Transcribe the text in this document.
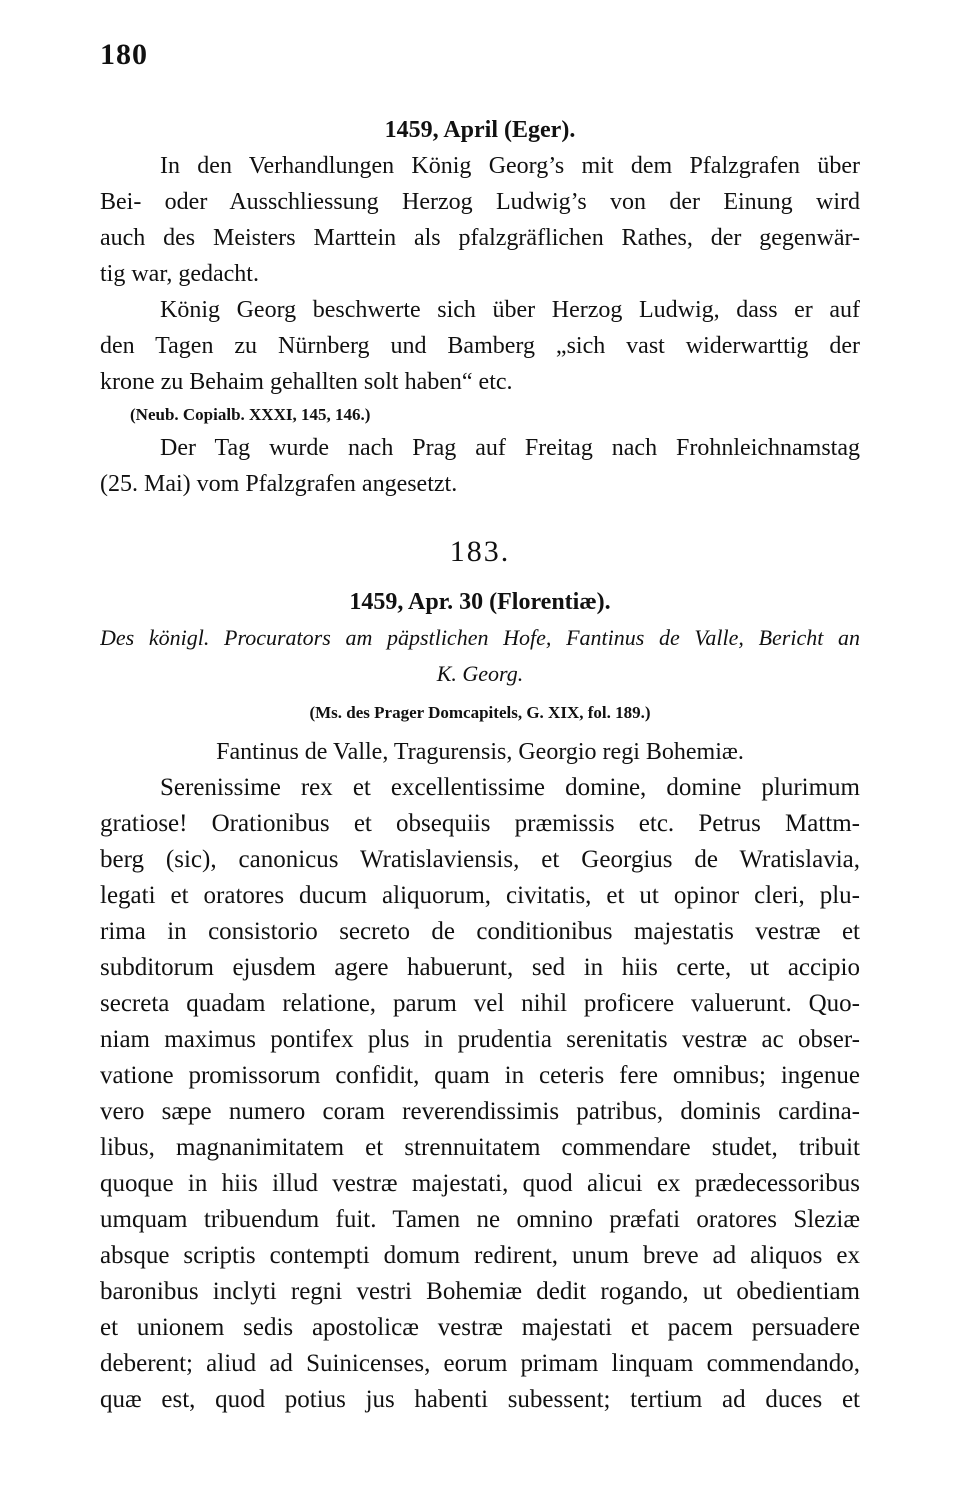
180
1459, April (Eger).
In den Verhandlungen König Georg’s mit dem Pfalzgrafen über
Bei- oder Ausschliessung Herzog Ludwig’s von der Einung wird
auch des Meisters Marttein als pfalzgräflichen Rathes, der gegenwär-
tig war, gedacht.
König Georg beschwerte sich über Herzog Ludwig, dass er auf
den Tagen zu Nürnberg und Bamberg „sich vast widerwarttig der
krone zu Behaim gehallten solt haben“ etc.
(Neub. Copialb. XXXI, 145, 146.)
Der Tag wurde nach Prag auf Freitag nach Frohnleichnamstag
(25. Mai) vom Pfalzgrafen angesetzt.
183.
1459, Apr. 30 (Florentiæ).
Des königl. Procurators am päpstlichen Hofe, Fantinus de Valle, Bericht an
K. Georg.
(Ms. des Prager Domcapitels, G. XIX, fol. 189.)
Fantinus de Valle, Tragurensis, Georgio regi Bohemiæ.
Serenissime rex et excellentissime domine, domine plurimum
gratiose! Orationibus et obsequiis præmissis etc. Petrus Mattm-
berg (sic), canonicus Wratislaviensis, et Georgius de Wratislavia,
legati et oratores ducum aliquorum, civitatis, et ut opinor cleri, plu-
rima in consistorio secreto de conditionibus majestatis vestræ et
subditorum ejusdem agere habuerunt, sed in hiis certe, ut accipio
secreta quadam relatione, parum vel nihil proficere valuerunt. Quo-
niam maximus pontifex plus in prudentia serenitatis vestræ ac obser-
vatione promissorum confidit, quam in ceteris fere omnibus; ingenue
vero sæpe numero coram reverendissimis patribus, dominis cardina-
libus, magnanimitatem et strennuitatem commendare studet, tribuit
quoque in hiis illud vestræ majestati, quod alicui ex prædecessoribus
umquam tribuendum fuit. Tamen ne omnino præfati oratores Sleziæ
absque scriptis contempti domum redirent, unum breve ad aliquos ex
baronibus inclyti regni vestri Bohemiæ dedit rogando, ut obedientiam
et unionem sedis apostolicæ vestræ majestati et pacem persuadere
deberent; aliud ad Suinicenses, eorum primam linquam commendando,
quæ est, quod potius jus habenti subessent; tertium ad duces et
